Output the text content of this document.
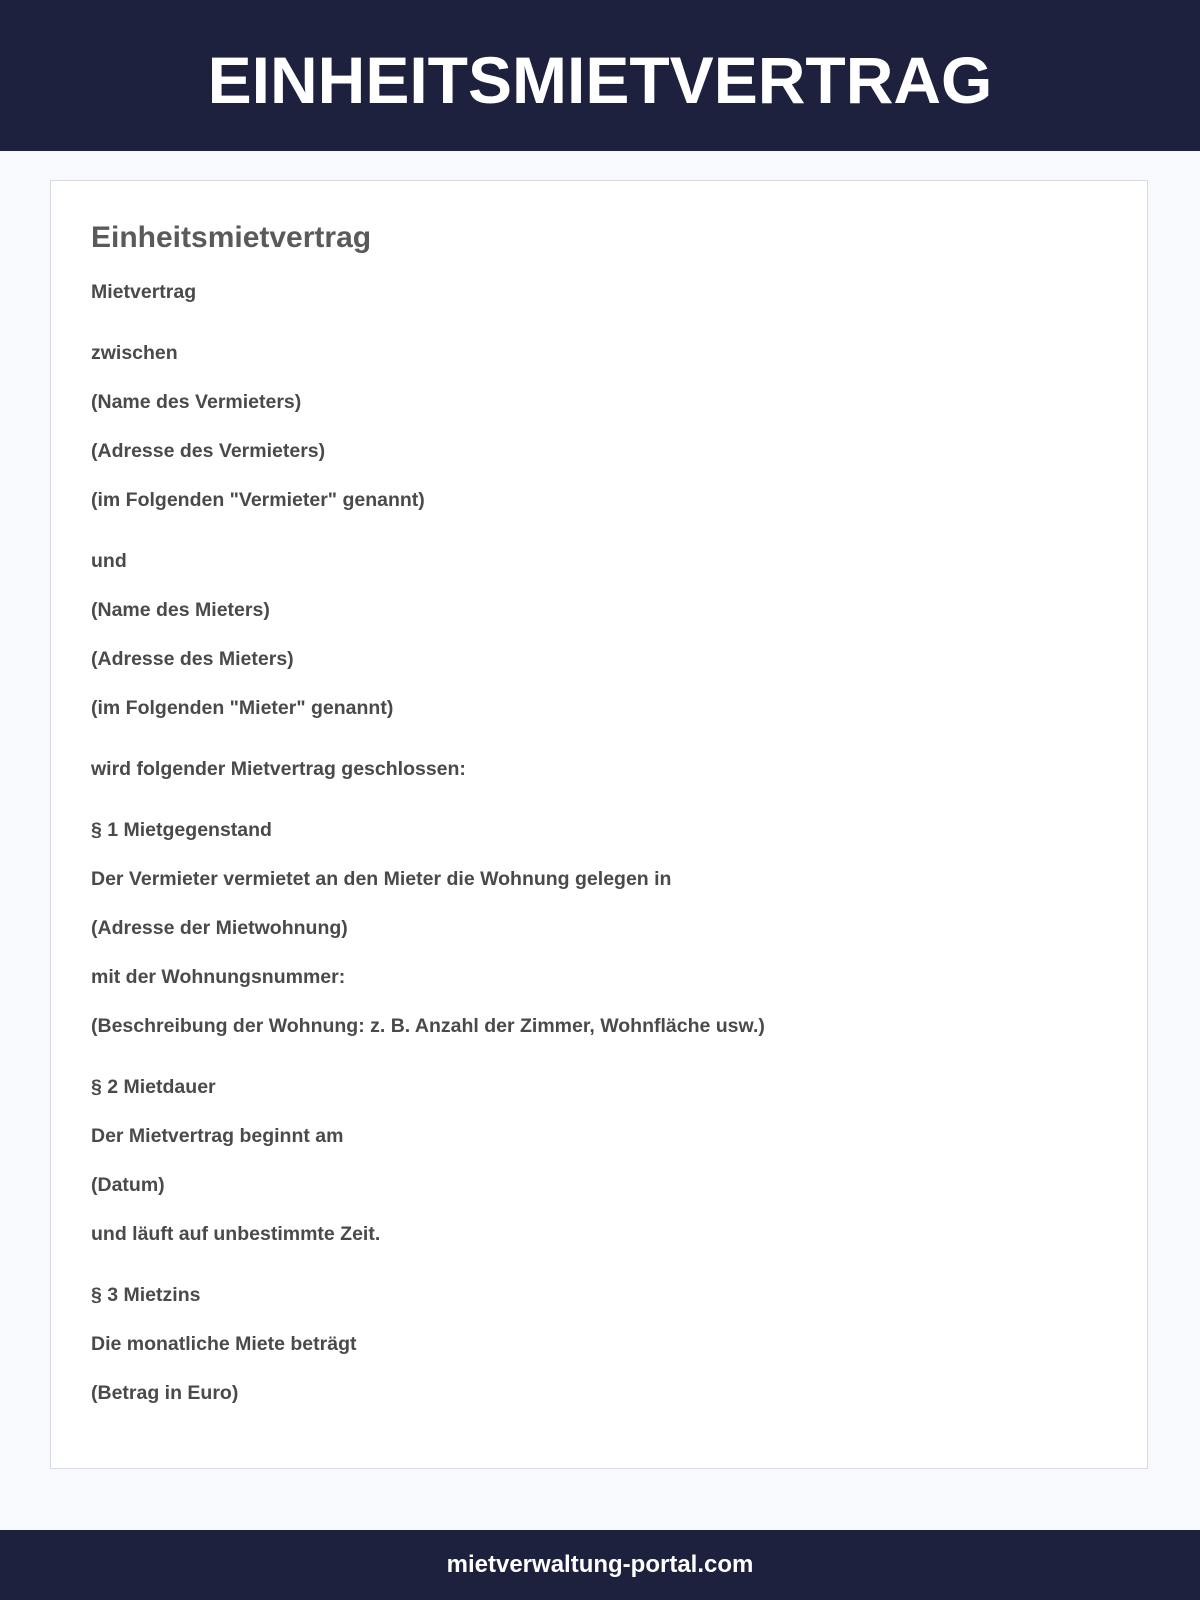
EINHEITSMIETVERTRAG
Einheitsmietvertrag

Mietvertrag

zwischen

(Name des Vermieters)

(Adresse des Vermieters)

(im Folgenden "Vermieter" genannt)

und

(Name des Mieters)

(Adresse des Mieters)

(im Folgenden "Mieter" genannt)

wird folgender Mietvertrag geschlossen:

§ 1 Mietgegenstand

Der Vermieter vermietet an den Mieter die Wohnung gelegen in

(Adresse der Mietwohnung)

mit der Wohnungsnummer:

(Beschreibung der Wohnung: z. B. Anzahl der Zimmer, Wohnfläche usw.)

§ 2 Mietdauer

Der Mietvertrag beginnt am

(Datum)

und läuft auf unbestimmte Zeit.

§ 3 Mietzins

Die monatliche Miete beträgt

(Betrag in Euro)

mietverwaltung-portal.com
